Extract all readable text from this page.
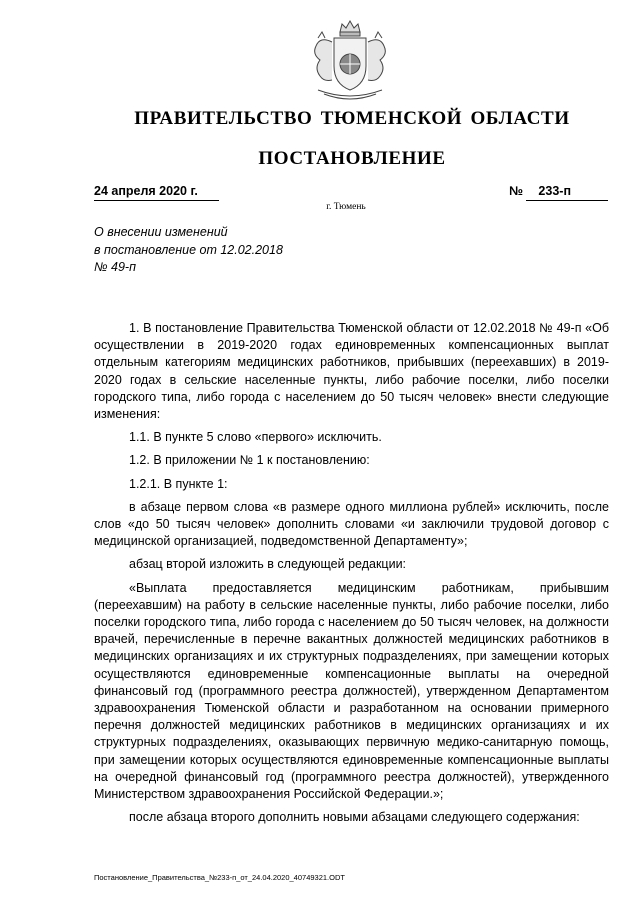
ПРАВИТЕЛЬСТВО ТЮМЕНСКОЙ ОБЛАСТИ
ПОСТАНОВЛЕНИЕ
24 апреля 2020 г.	№ 233-п
г. Тюмень
О внесении изменений
в постановление от 12.02.2018
№ 49-п

1. В постановление Правительства Тюменской области от 12.02.2018 № 49-п «Об осуществлении в 2019-2020 годах единовременных компенсационных выплат отдельным категориям медицинских работников, прибывших (переехавших) в 2019-2020 годах в сельские населенные пункты, либо рабочие поселки, либо поселки городского типа, либо города с населением до 50 тысяч человек» внести следующие изменения:

1.1. В пункте 5 слово «первого» исключить.

1.2. В приложении № 1 к постановлению:

1.2.1. В пункте 1:

в абзаце первом слова «в размере одного миллиона рублей» исключить, после слов «до 50 тысяч человек» дополнить словами «и заключили трудовой договор с медицинской организацией, подведомственной Департаменту»;

абзац второй изложить в следующей редакции:

«Выплата предоставляется медицинским работникам, прибывшим (переехавшим) на работу в сельские населенные пункты, либо рабочие поселки, либо поселки городского типа, либо города с населением до 50 тысяч человек, на должности врачей, перечисленные в перечне вакантных должностей медицинских работников в медицинских организациях и их структурных подразделениях, при замещении которых осуществляются единовременные компенсационные выплаты на очередной финансовый год (программного реестра должностей), утвержденном Департаментом здравоохранения Тюменской области и разработанном на основании примерного перечня должностей медицинских работников в медицинских организациях и их структурных подразделениях, оказывающих первичную медико-санитарную помощь, при замещении которых осуществляются единовременные компенсационные выплаты на очередной финансовый год (программного реестра должностей), утвержденного Министерством здравоохранения Российской Федерации.»;

после абзаца второго дополнить новыми абзацами следующего содержания:

Постановление_Правительства_№233-п_от_24.04.2020_40749321.ODT
